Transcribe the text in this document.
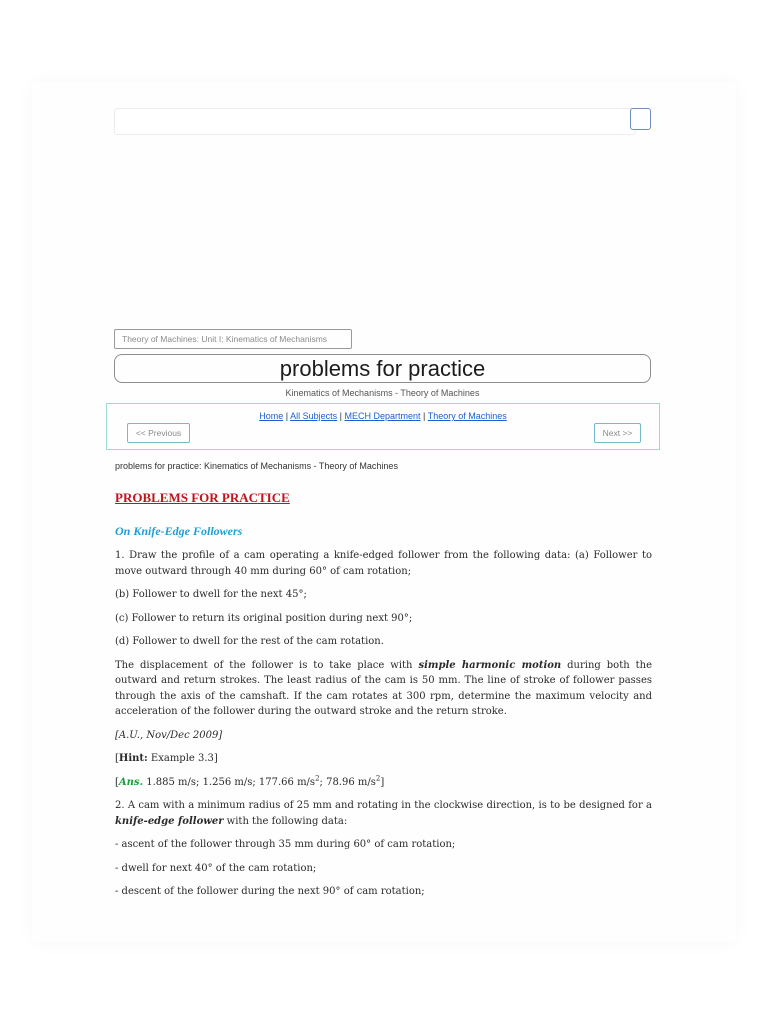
Theory of Machines: Unit I: Kinematics of Mechanisms
problems for practice
Kinematics of Mechanisms - Theory of Machines
Home | All Subjects | MECH Department | Theory of Machines
<< Previous	Next >>
problems for practice: Kinematics of Mechanisms - Theory of Machines
PROBLEMS FOR PRACTICE
On Knife-Edge Followers

1. Draw the profile of a cam operating a knife-edged follower from the following data: (a) Follower to move outward through 40 mm during 60° of cam rotation;

(b) Follower to dwell for the next 45°;

(c) Follower to return its original position during next 90°;

(d) Follower to dwell for the rest of the cam rotation.

The displacement of the follower is to take place with simple harmonic motion during both the outward and return strokes. The least radius of the cam is 50 mm. The line of stroke of follower passes through the axis of the camshaft. If the cam rotates at 300 rpm, determine the maximum velocity and acceleration of the follower during the outward stroke and the return stroke.

[A.U., Nov/Dec 2009]

[Hint: Example 3.3]

[Ans. 1.885 m/s; 1.256 m/s; 177.66 $m/s^2$; 78.96 $m/s^2$]

2. A cam with a minimum radius of 25 mm and rotating in the clockwise direction, is to be designed for a knife-edge follower with the following data:

- ascent of the follower through 35 mm during 60° of cam rotation;

- dwell for next 40° of the cam rotation;

- descent of the follower during the next 90° of cam rotation;
